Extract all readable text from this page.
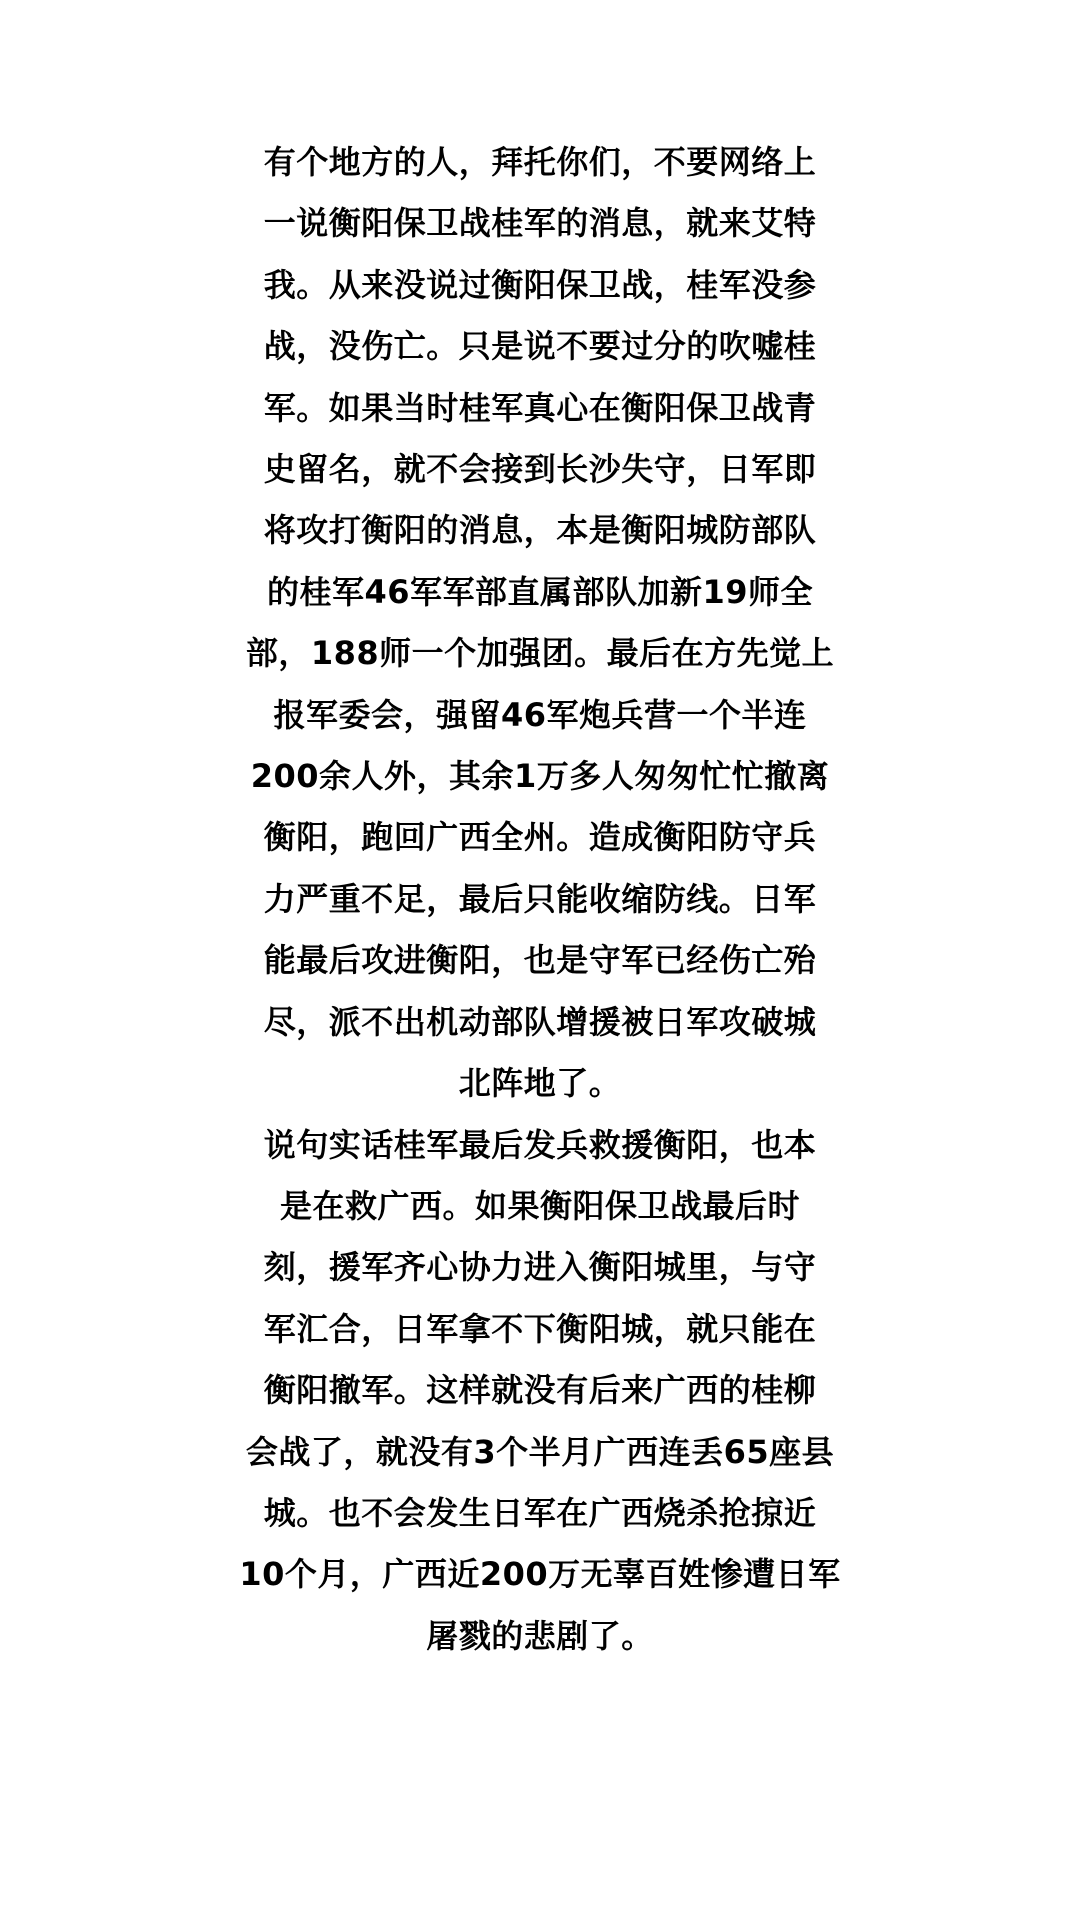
有个地方的人，拜托你们，不要网络上
一说衡阳保卫战桂军的消息，就来艾特
我。从来没说过衡阳保卫战，桂军没参
战，没伤亡。只是说不要过分的吹嘘桂
军。如果当时桂军真心在衡阳保卫战青
史留名，就不会接到长沙失守，日军即
将攻打衡阳的消息，本是衡阳城防部队
的桂军46军军部直属部队加新19师全
部，188师一个加强团。最后在方先觉上
报军委会，强留46军炮兵营一个半连
200余人外，其余1万多人匆匆忙忙撤离
衡阳，跑回广西全州。造成衡阳防守兵
力严重不足，最后只能收缩防线。日军
能最后攻进衡阳，也是守军已经伤亡殆
尽，派不出机动部队增援被日军攻破城
北阵地了。
说句实话桂军最后发兵救援衡阳，也本
是在救广西。如果衡阳保卫战最后时
刻，援军齐心协力进入衡阳城里，与守
军汇合，日军拿不下衡阳城，就只能在
衡阳撤军。这样就没有后来广西的桂柳
会战了，就没有3个半月广西连丢65座县
城。也不会发生日军在广西烧杀抢掠近
10个月，广西近200万无辜百姓惨遭日军
屠戮的悲剧了。
